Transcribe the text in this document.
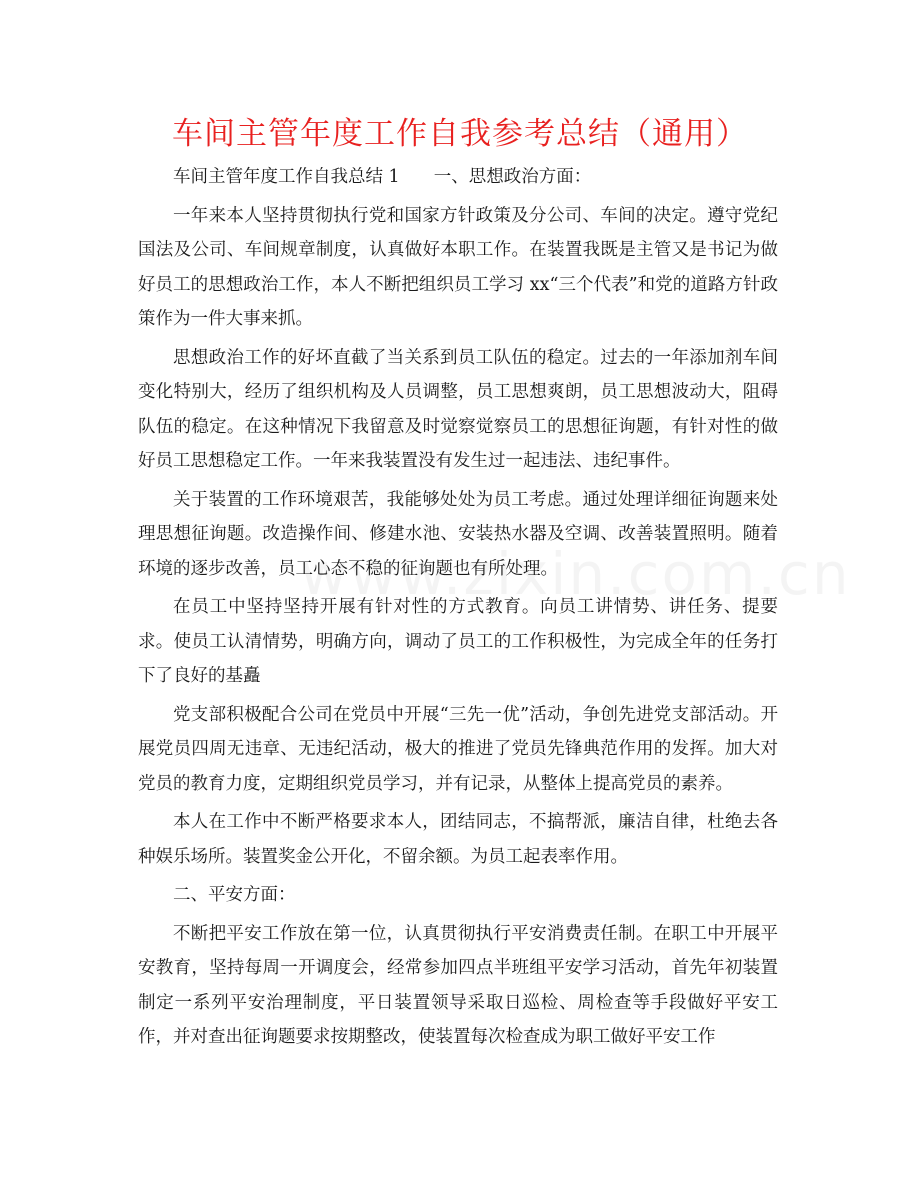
车间主管年度工作自我参考总结（通用）

车间主管年度工作自我总结 1 一、思想政治方面：

一年来本人坚持贯彻执行党和国家方针政策及分公司、车间的决定。遵守党纪国法及公司、车间规章制度，认真做好本职工作。在装置我既是主管又是书记为做好员工的思想政治工作，本人不断把组织员工学习 xx“三个代表”和党的道路方针政策作为一件大事来抓。

思想政治工作的好坏直截了当关系到员工队伍的稳定。过去的一年添加剂车间变化特别大，经历了组织机构及人员调整，员工思想爽朗，员工思想波动大，阻碍队伍的稳定。在这种情况下我留意及时觉察觉察员工的思想征询题，有针对性的做好员工思想稳定工作。一年来我装置没有发生过一起违法、违纪事件。

关于装置的工作环境艰苦，我能够处处为员工考虑。通过处理详细征询题来处理思想征询题。改造操作间、修建水池、安装热水器及空调、改善装置照明。随着环境的逐步改善，员工心态不稳的征询题也有所处理。

在员工中坚持坚持开展有针对性的方式教育。向员工讲情势、讲任务、提要求。使员工认清情势，明确方向，调动了员工的工作积极性，为完成全年的任务打下了良好的基矗

党支部积极配合公司在党员中开展“三先一优”活动，争创先进党支部活动。开展党员四周无违章、无违纪活动，极大的推进了党员先锋典范作用的发挥。加大对党员的教育力度，定期组织党员学习，并有记录，从整体上提高党员的素养。

本人在工作中不断严格要求本人，团结同志，不搞帮派，廉洁自律，杜绝去各种娱乐场所。装置奖金公开化，不留余额。为员工起表率作用。

二、平安方面：

不断把平安工作放在第一位，认真贯彻执行平安消费责任制。在职工中开展平安教育，坚持每周一开调度会，经常参加四点半班组平安学习活动，首先年初装置制定一系列平安治理制度，平日装置领导采取日巡检、周检查等手段做好平安工作，并对查出征询题要求按期整改，使装置每次检查成为职工做好平安工作
